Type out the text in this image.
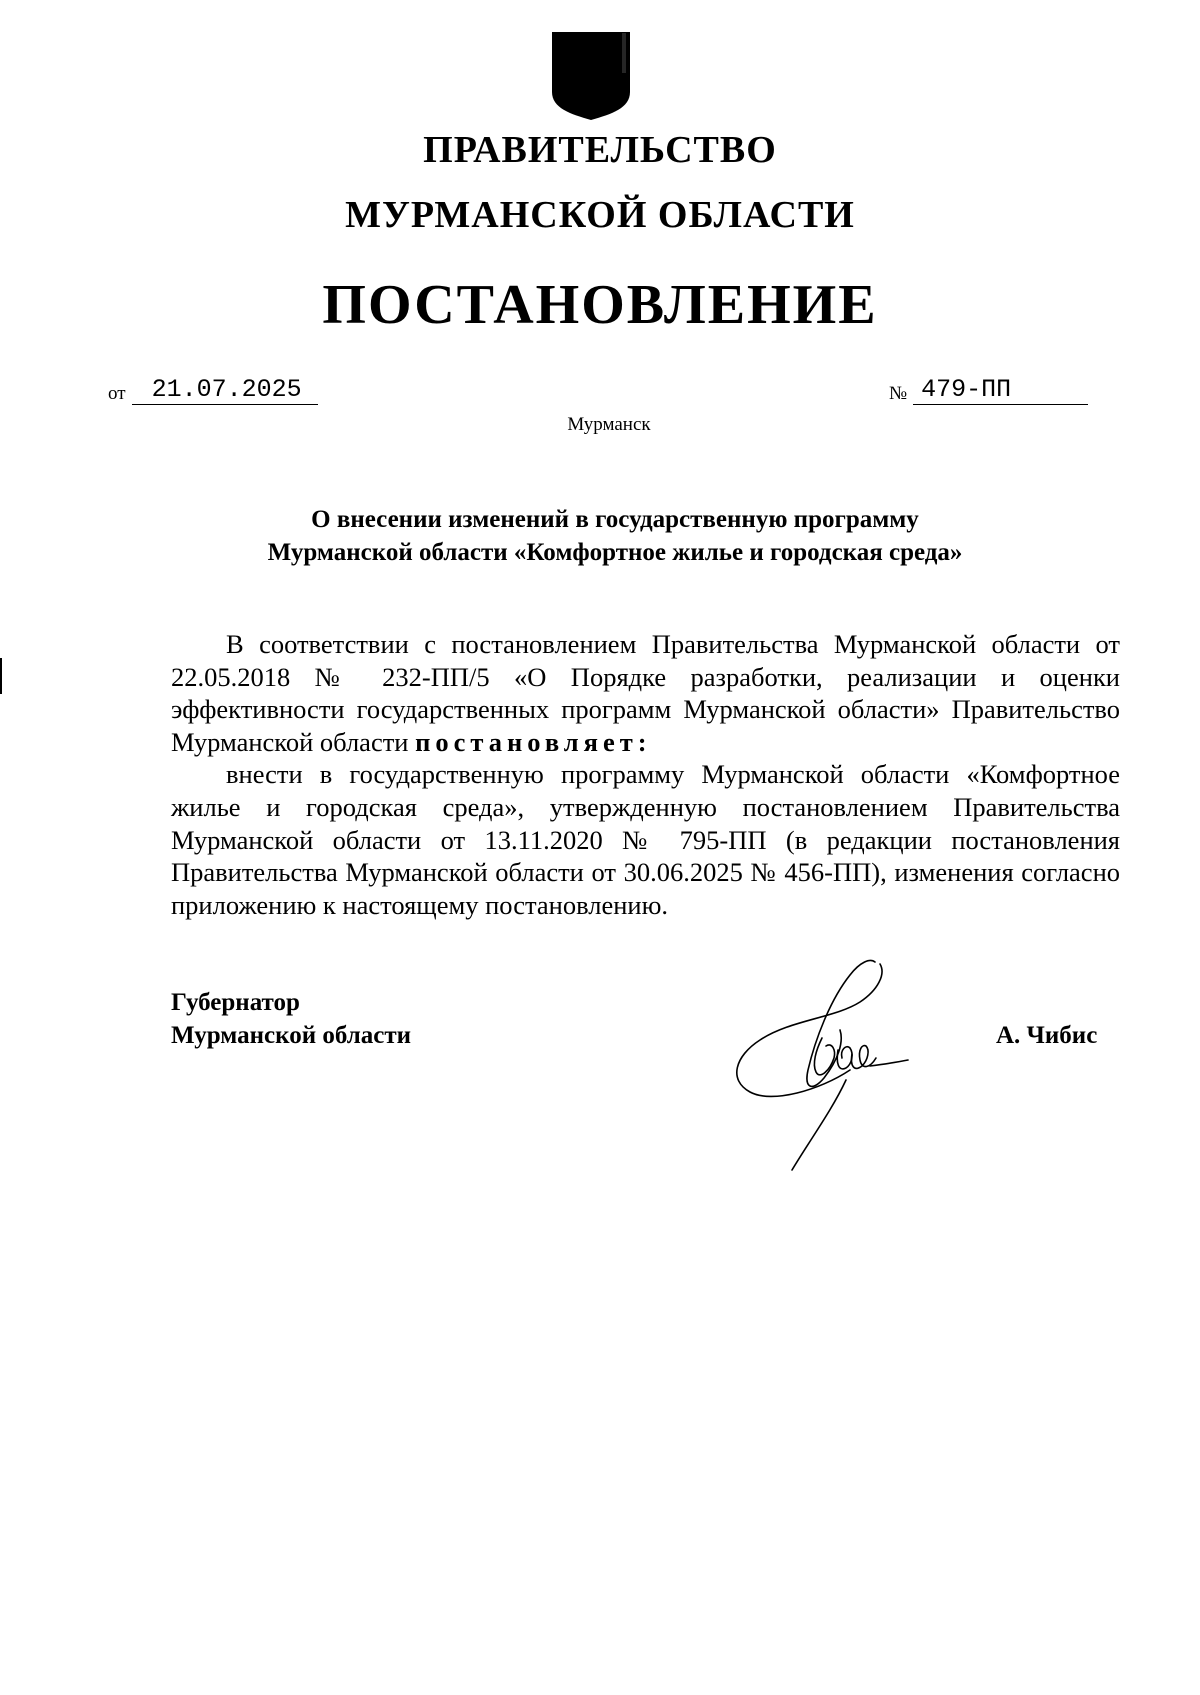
ПРАВИТЕЛЬСТВО
МУРМАНСКОЙ ОБЛАСТИ
ПОСТАНОВЛЕНИЕ
от	21.07.2025	№ 479-ПП
Мурманск
О внесении изменений в государственную программу
Мурманской области «Комфортное жилье и городская среда»

В соответствии с постановлением Правительства Мурманской области от 22.05.2018 № 232-ПП/5 «О Порядке разработки, реализации и оценки эффективности государственных программ Мурманской области» Правительство Мурманской области постановляет:

внести в государственную программу Мурманской области «Комфортное жилье и городская среда», утвержденную постановлением Правительства Мурманской области от 13.11.2020 № 795-ПП (в редакции постановления Правительства Мурманской области от 30.06.2025 № 456-ПП), изменения согласно приложению к настоящему постановлению.

Губернатор
Мурманской области	А. Чибис
